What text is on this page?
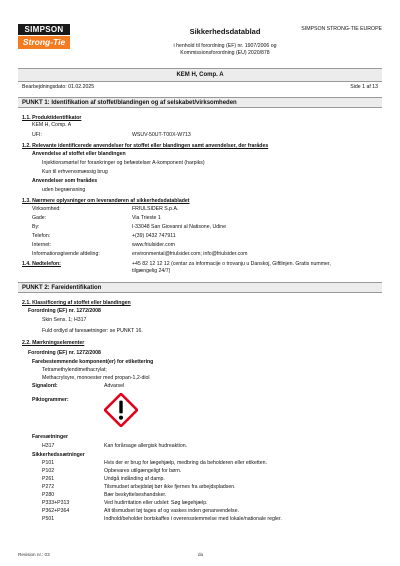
SIMPSON
Strong-Tie
SIMPSON STRONG-TIE EUROPE
Sikkerhedsdatablad
i henhold til forordning (EF) nr. 1907/2006 og
Kommissionsforordning (EU) 2020/878
KEM H, Comp. A
Bearbejdningsdato: 01.02.2025	Side 1 af 13
PUNKT 1: Identifikation af stoffet/blandingen og af selskabet/virksomheden
1.1. Produktidentifikator
KEM H, Comp. A
UFI:	WSUV-50UT-T00X-W713
1.2. Relevante identificerede anvendelser for stoffet eller blandingen samt anvendelser, der frarådes
Anvendelse af stoffet eller blandingen
Injektionsmørtel for forankringer og befæstelser A-komponent (harpiks)
Kun til erhvervsmæssig brug
Anvendelser som frarådes
uden begrænsning
1.3. Nærmere oplysninger om leverandøren af sikkerhedsdatabladet
Virksomhed:	FRIULSIDER S.p.A.
Gade:	Via Trieste 1
By:	I-33048 San Giovanni al Natisone, Udine
Telefon:	+(39) 0432 747911
Internet:	www.friulsider.com
Informationsgivende afdeling:	environmental@friulsider.com; info@friulsider.com
1.4. Nødtelefon:	+45 82 12 12 12 (centar za informacije o trovanju u Danskoj, Giftlinjen. Gratis nummer,
tilgængelig 24/7)
PUNKT 2: Fareidentifikation
2.1. Klassificering af stoffet eller blandingen
Forordning (EF) nr. 1272/2008
Skin Sens. 1; H317
Fuld ordlyd af faresætninger: se PUNKT 16.
2.2. Mærkningselementer
Forordning (EF) nr. 1272/2008
Farebestemmende komponent(er) for etikettering
Tetramethylendimethacrylat;
Methacrylsyre, monoester med propan-1,2-diol
Signalord:	Advarsel
Piktogrammer:
Faresætninger
H317	Kan forårsage allergisk hudreaktion.
Sikkerhedssætninger
P101	Hvis der er brug for lægehjælp, medbring da beholderen eller etiketten.
P102	Opbevares utilgængeligt for børn.
P261	Undgå indånding af damp.
P272	Tilsmudset arbejdstøj bør ikke fjernes fra arbejdspladsen.
P280	Bær beskyttelseshandsker.
P333+P313	Ved hudirritation eller udslet: Søg lægehjælp.
P362+P364	Alt tilsmudset tøj tages af og vaskes inden genanvendelse.
P501	Indhold/beholder bortskaffes i overensstemmelse med lokale/nationale regler.
Revision nr.: 03	da
